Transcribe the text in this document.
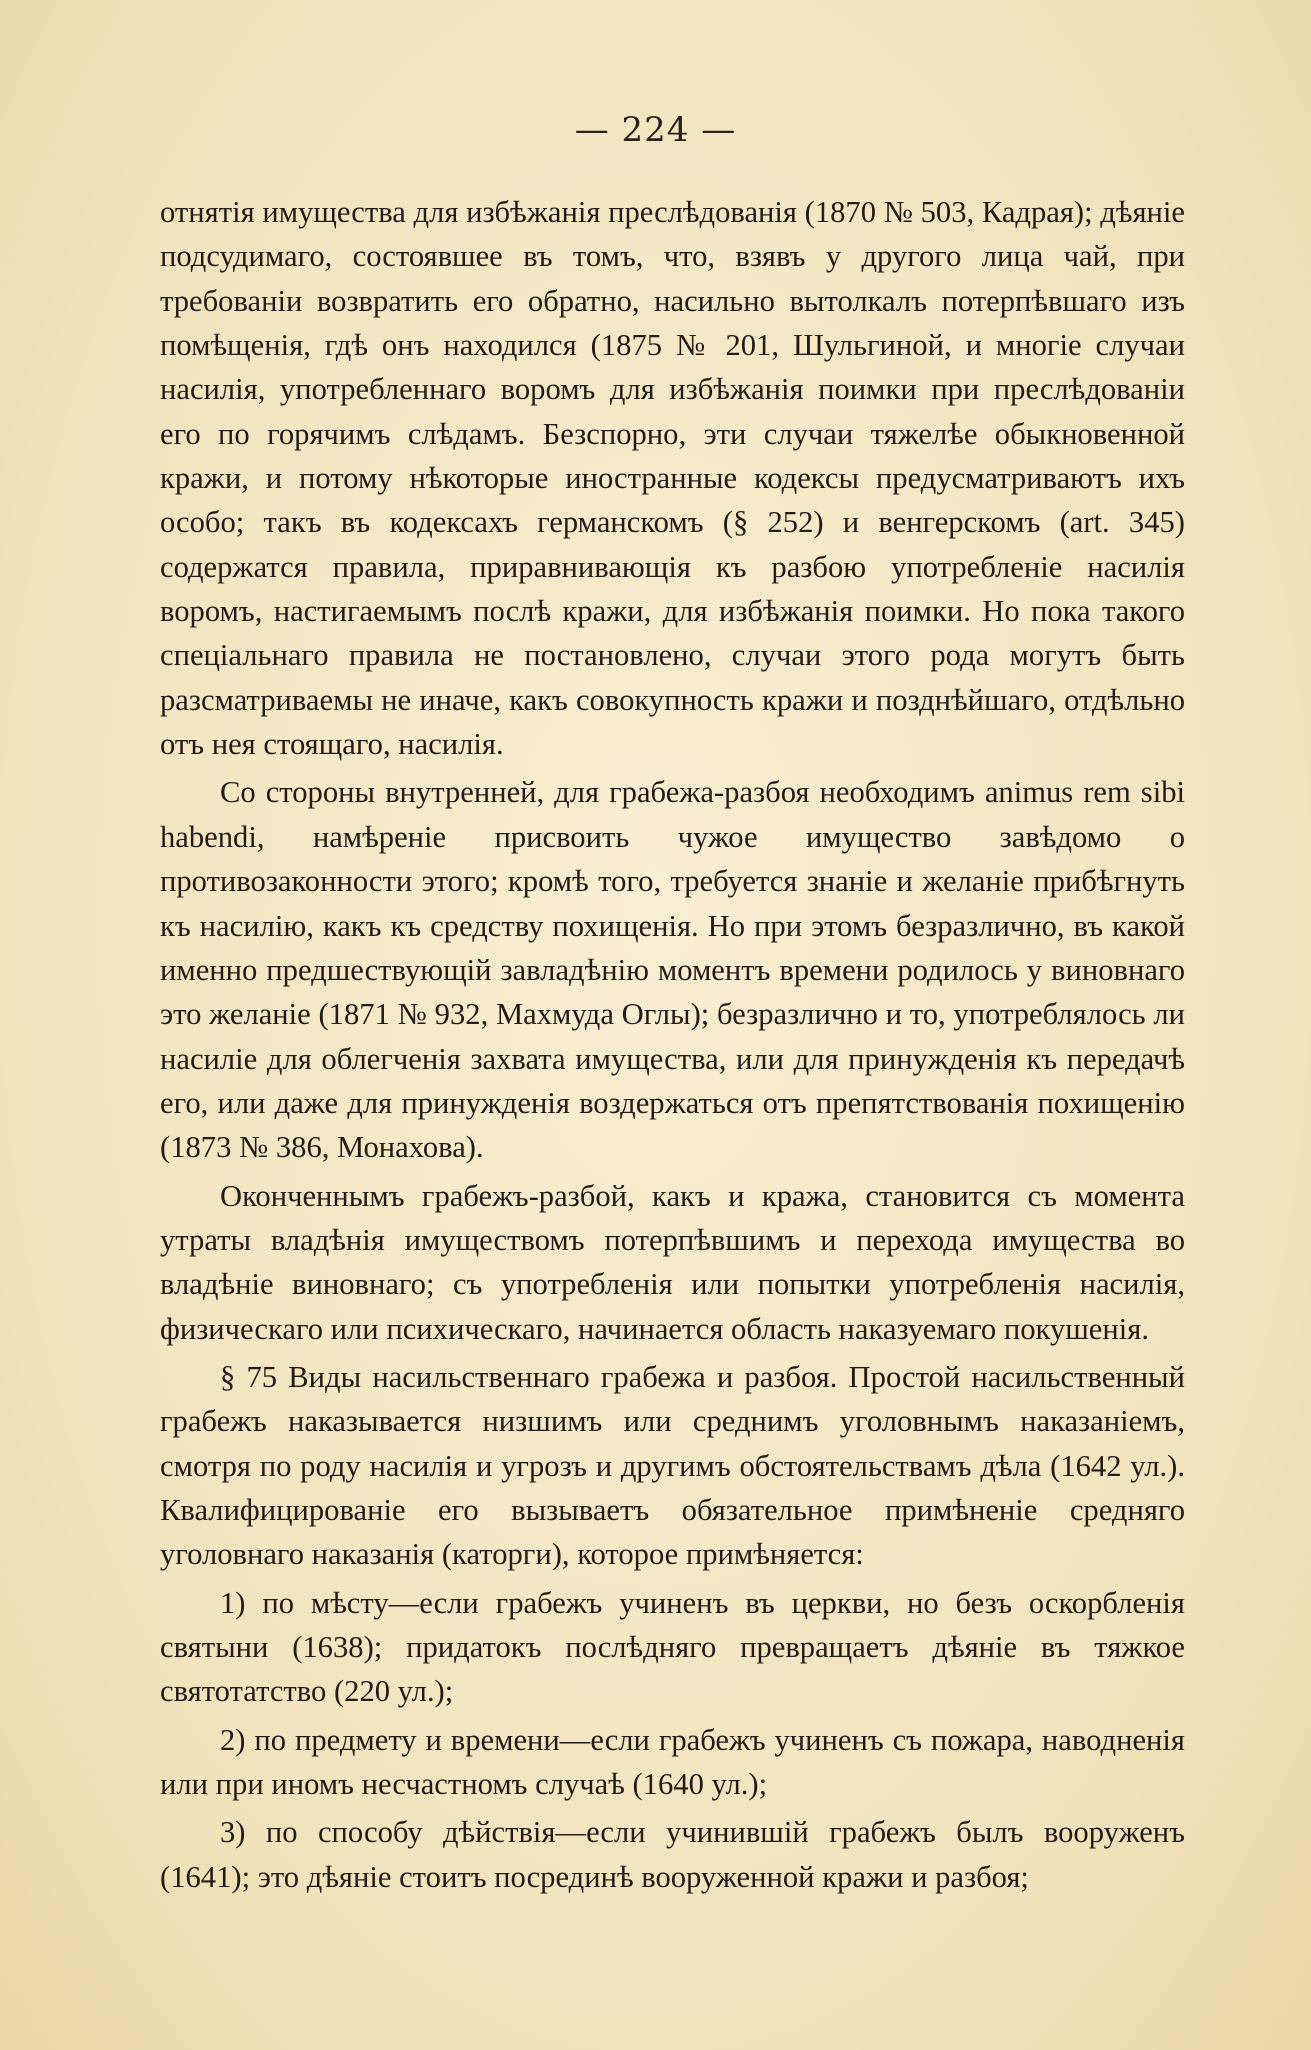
— 224 —

отнятія имущества для избѣжанія преслѣдованія (1870 № 503, Кадрая); дѣяніе подсудимаго, состоявшее въ томъ, что, взявъ у другого лица чай, при требованіи возвратить его обратно, насильно вытолкалъ потерпѣвшаго изъ помѣщенія, гдѣ онъ находился (1875 № 201, Шульгиной, и многіе случаи насилія, употребленнаго воромъ для избѣжанія поимки при преслѣдованіи его по горячимъ слѣдамъ. Безспорно, эти случаи тяжелѣе обыкновенной кражи, и потому нѣкоторые иностранные кодексы предусматриваютъ ихъ особо; такъ въ кодексахъ германскомъ (§ 252) и венгерскомъ (art. 345) содержатся правила, приравнивающія къ разбою употребленіе насилія воромъ, настигаемымъ послѣ кражи, для избѣжанія поимки. Но пока такого спеціальнаго правила не постановлено, случаи этого рода могутъ быть разсматриваемы не иначе, какъ совокупность кражи и позднѣйшаго, отдѣльно отъ нея стоящаго, насилія.

Со стороны внутренней, для грабежа-разбоя необходимъ animus rem sibi habendi, намѣреніе присвоить чужое имущество завѣдомо о противозаконности этого; кромѣ того, требуется знаніе и желаніе прибѣгнуть къ насилію, какъ къ средству похищенія. Но при этомъ безразлично, въ какой именно предшествующій завладѣнію моментъ времени родилось у виновнаго это желаніе (1871 № 932, Махмуда Оглы); безразлично и то, употреблялось ли насиліе для облегченія захвата имущества, или для принужденія къ передачѣ его, или даже для принужденія воздержаться отъ препятствованія похищенію (1873 № 386, Монахова).

Оконченнымъ грабежъ-разбой, какъ и кража, становится съ момента утраты владѣнія имуществомъ потерпѣвшимъ и перехода имущества во владѣніе виновнаго; съ употребленія или попытки употребленія насилія, физическаго или психическаго, начинается область наказуемаго покушенія.

§ 75 Виды насильственнаго грабежа и разбоя. Простой насильственный грабежъ наказывается низшимъ или среднимъ уголовнымъ наказаніемъ, смотря по роду насилія и угрозъ и другимъ обстоятельствамъ дѣла (1642 ул.). Квалифицированіе его вызываетъ обязательное примѣненіе средняго уголовнаго наказанія (каторги), которое примѣняется:

1) по мѣсту—если грабежъ учиненъ въ церкви, но безъ оскорбленія святыни (1638); придатокъ послѣдняго превращаетъ дѣяніе въ тяжкое святотатство (220 ул.);

2) по предмету и времени—если грабежъ учиненъ съ пожара, наводненія или при иномъ несчастномъ случаѣ (1640 ул.);

3) по способу дѣйствія—если учинившій грабежъ былъ вооруженъ (1641); это дѣяніе стоитъ посрединѣ вооруженной кражи и разбоя;
